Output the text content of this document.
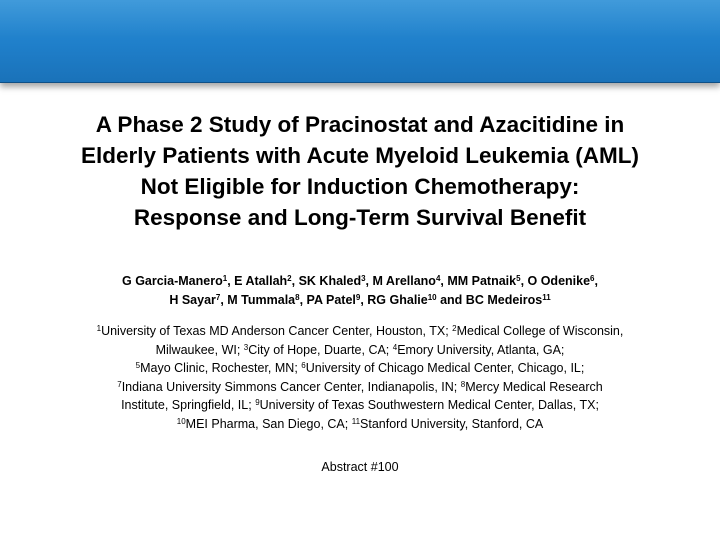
A Phase 2 Study of Pracinostat and Azacitidine in
Elderly Patients with Acute Myeloid Leukemia (AML)
Not Eligible for Induction Chemotherapy:
Response and Long-Term Survival Benefit
G Garcia-Manero$^1$, E Atallah$^2$, SK Khaled$^3$, M Arellano$^4$, MM Patnaik$^5$, O Odenike$^6$,
H Sayar$^7$, M Tummala$^8$, PA Patel$^9$, RG Ghalie$^{10}$ and BC Medeiros$^{11}$
$^1$University of Texas MD Anderson Cancer Center, Houston, TX; $^2$Medical College of Wisconsin,
Milwaukee, WI; $^3$City of Hope, Duarte, CA; $^4$Emory University, Atlanta, GA;
$^5$Mayo Clinic, Rochester, MN; $^6$University of Chicago Medical Center, Chicago, IL;
$^7$Indiana University Simmons Cancer Center, Indianapolis, IN; $^8$Mercy Medical Research
Institute, Springfield, IL; $^9$University of Texas Southwestern Medical Center, Dallas, TX;
$^{10}$MEI Pharma, San Diego, CA; $^{11}$Stanford University, Stanford, CA
Abstract #100
